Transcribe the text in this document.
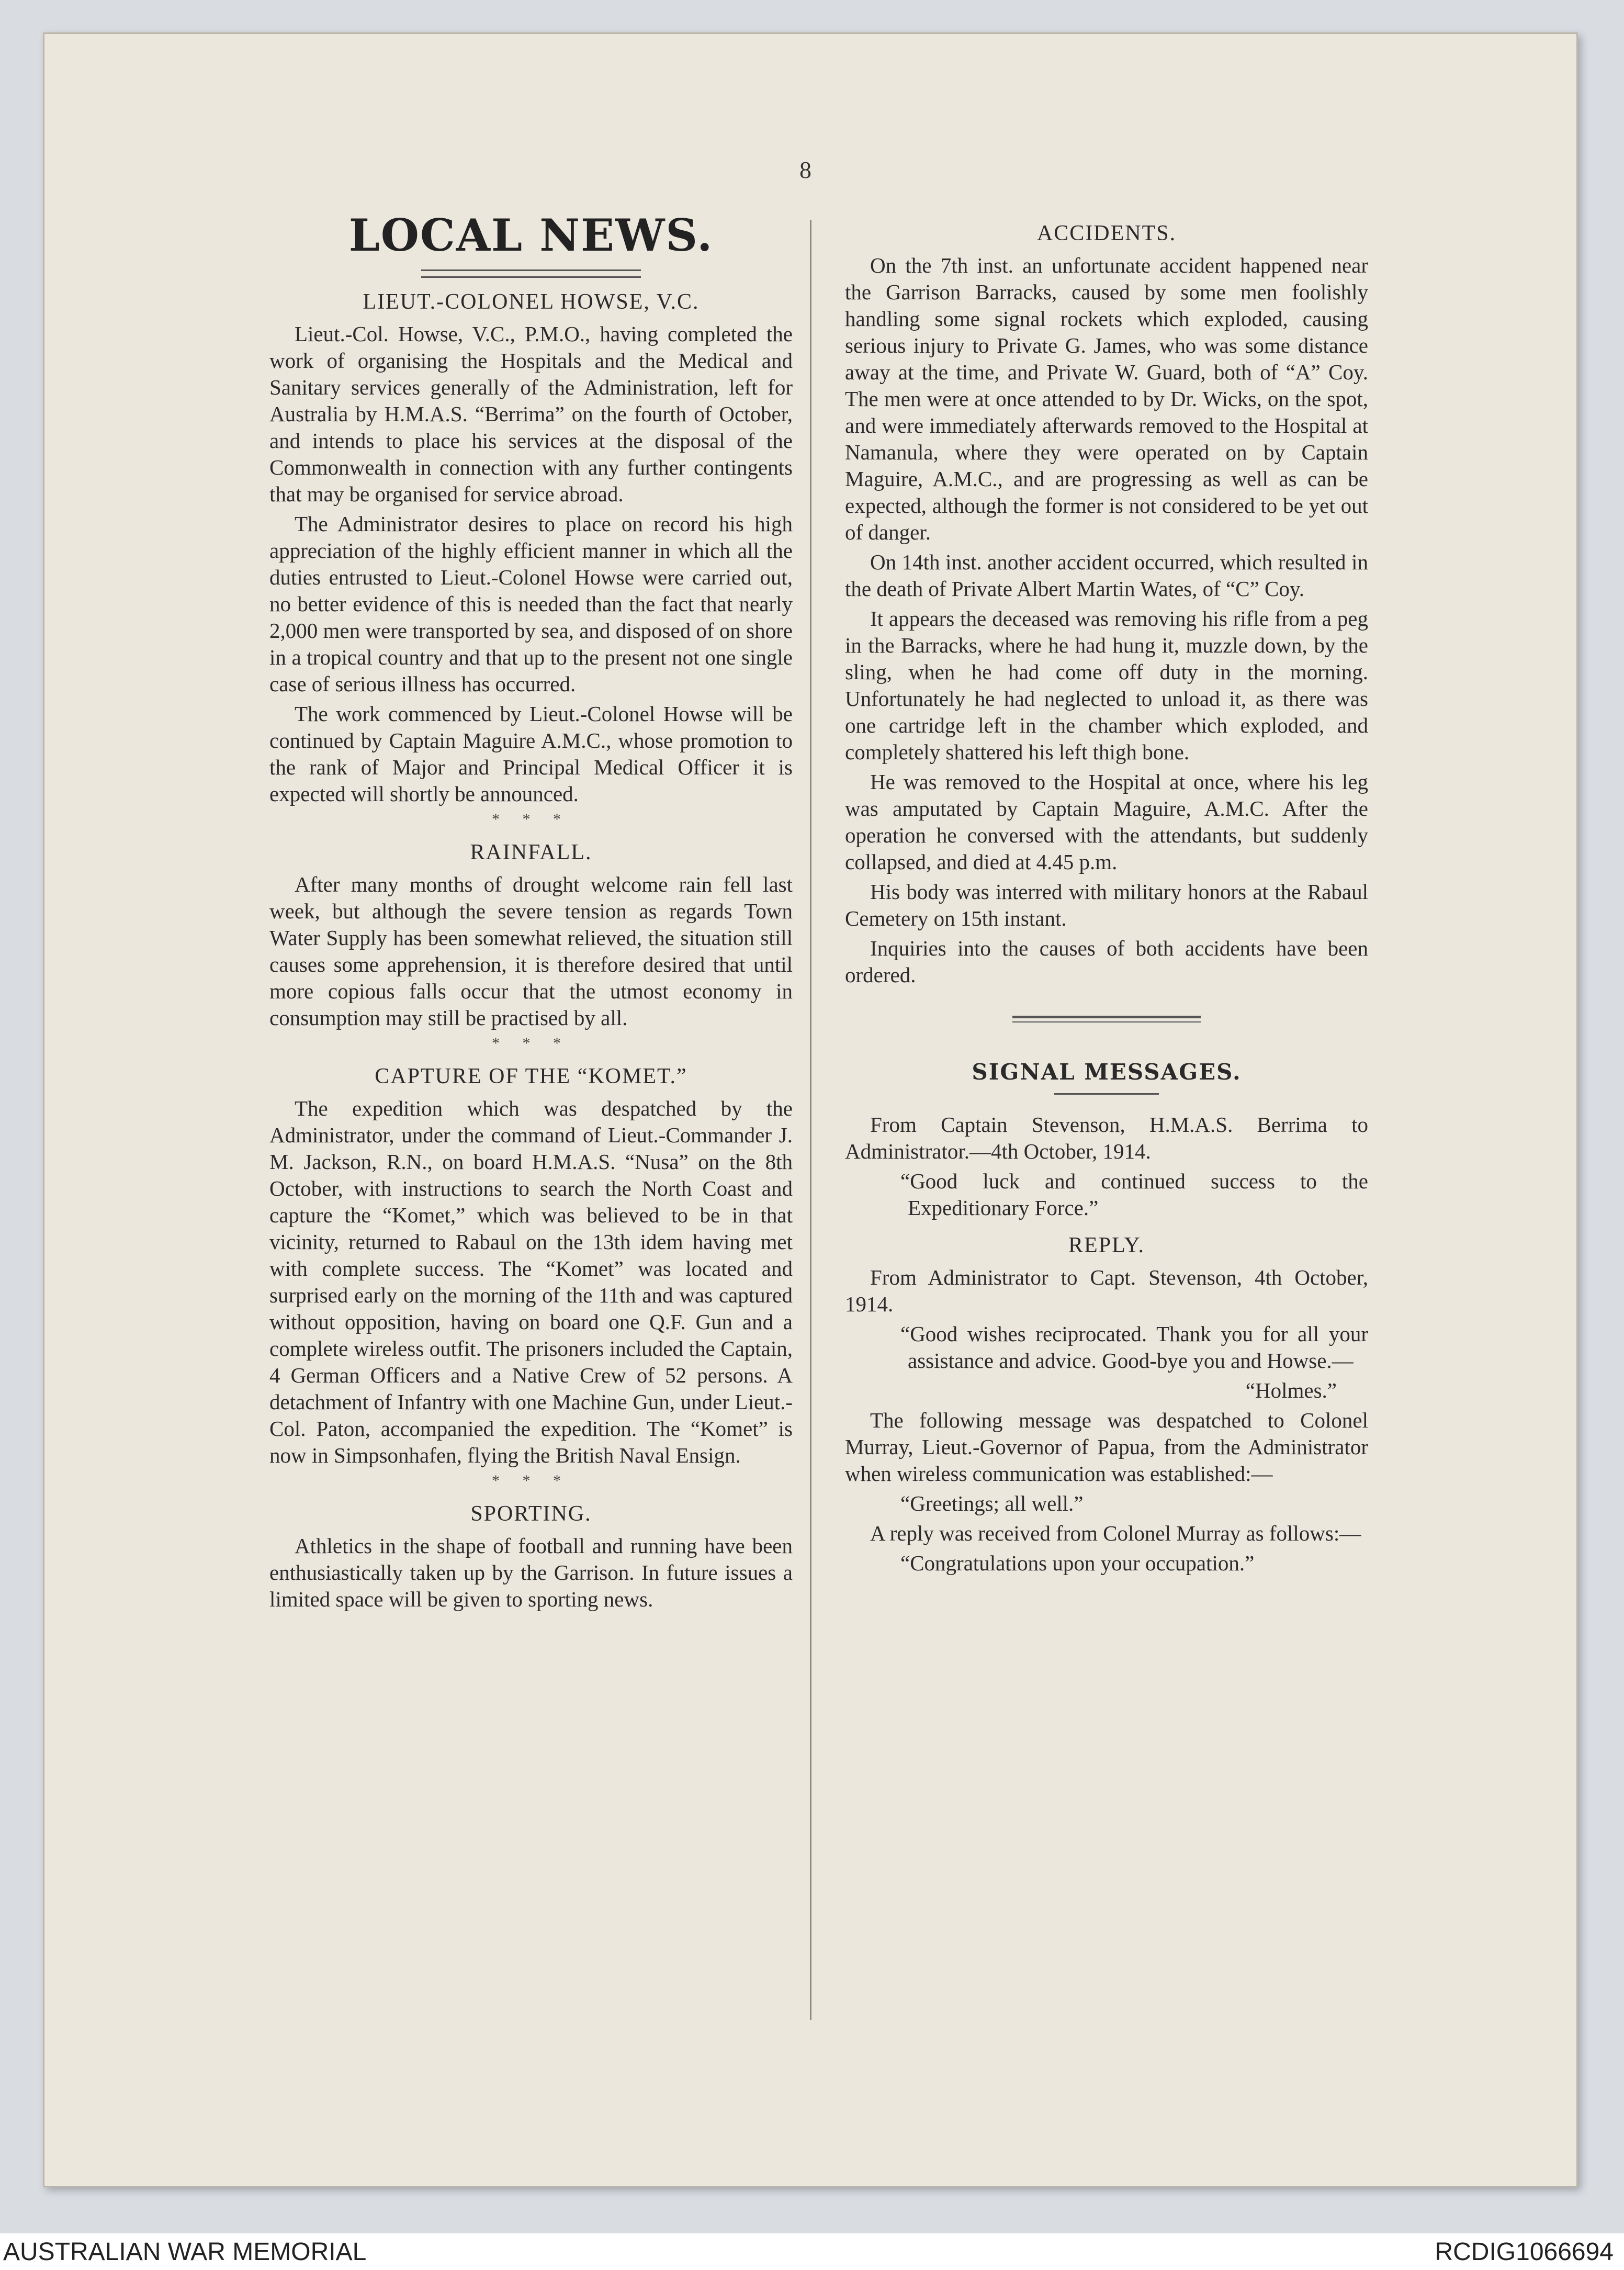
8
LOCAL NEWS.
LIEUT.-COLONEL HOWSE, V.C.

Lieut.-Col. Howse, V.C., P.M.O., having completed the work of organising the Hospitals and the Medical and Sanitary services generally of the Administration, left for Australia by H.M.A.S. “Berrima” on the fourth of October, and intends to place his services at the disposal of the Commonwealth in connection with any further contingents that may be organised for service abroad.

The Administrator desires to place on record his high appreciation of the highly efficient manner in which all the duties entrusted to Lieut.-Colonel Howse were carried out, no better evidence of this is needed than the fact that nearly 2,000 men were transported by sea, and disposed of on shore in a tropical country and that up to the present not one single case of serious illness has occurred.

The work commenced by Lieut.-Colonel Howse will be continued by Captain Maguire A.M.C., whose promotion to the rank of Major and Principal Medical Officer it is expected will shortly be announced.

* * *
RAINFALL.

After many months of drought welcome rain fell last week, but although the severe tension as regards Town Water Supply has been somewhat relieved, the situation still causes some apprehension, it is therefore desired that until more copious falls occur that the utmost economy in consumption may still be practised by all.

* * *
CAPTURE OF THE “KOMET.”

The expedition which was despatched by the Administrator, under the command of Lieut.-Commander J. M. Jackson, R.N., on board H.M.A.S. “Nusa” on the 8th October, with instructions to search the North Coast and capture the “Komet,” which was believed to be in that vicinity, returned to Rabaul on the 13th idem having met with complete success. The “Komet” was located and surprised early on the morning of the 11th and was captured without opposition, having on board one Q.F. Gun and a complete wireless outfit. The prisoners included the Captain, 4 German Officers and a Native Crew of 52 persons. A detachment of Infantry with one Machine Gun, under Lieut.-Col. Paton, accompanied the expedition. The “Komet” is now in Simpsonhafen, flying the British Naval Ensign.

* * *
SPORTING.

Athletics in the shape of football and running have been enthusiastically taken up by the Garrison. In future issues a limited space will be given to sporting news.

ACCIDENTS.

On the 7th inst. an unfortunate accident happened near the Garrison Barracks, caused by some men foolishly handling some signal rockets which exploded, causing serious injury to Private G. James, who was some distance away at the time, and Private W. Guard, both of “A” Coy. The men were at once attended to by Dr. Wicks, on the spot, and were immediately afterwards removed to the Hospital at Namanula, where they were operated on by Captain Maguire, A.M.C., and are progressing as well as can be expected, although the former is not considered to be yet out of danger.

On 14th inst. another accident occurred, which resulted in the death of Private Albert Martin Wates, of “C” Coy.

It appears the deceased was removing his rifle from a peg in the Barracks, where he had hung it, muzzle down, by the sling, when he had come off duty in the morning. Unfortunately he had neglected to unload it, as there was one cartridge left in the chamber which exploded, and completely shattered his left thigh bone.

He was removed to the Hospital at once, where his leg was amputated by Captain Maguire, A.M.C. After the operation he conversed with the attendants, but suddenly collapsed, and died at 4.45 p.m.

His body was interred with military honors at the Rabaul Cemetery on 15th instant.

Inquiries into the causes of both accidents have been ordered.

SIGNAL MESSAGES.

From Captain Stevenson, H.M.A.S. Berrima to Administrator.—4th October, 1914.

“Good luck and continued success to the Expeditionary Force.”

REPLY.

From Administrator to Capt. Stevenson, 4th October, 1914.

“Good wishes reciprocated. Thank you for all your assistance and advice. Good-bye you and Howse.—

“Holmes.”

The following message was despatched to Colonel Murray, Lieut.-Governor of Papua, from the Administrator when wireless communication was established:—

“Greetings; all well.”

A reply was received from Colonel Murray as follows:—

“Congratulations upon your occupation.”

AUSTRALIAN WAR MEMORIAL	RCDIG1066694
